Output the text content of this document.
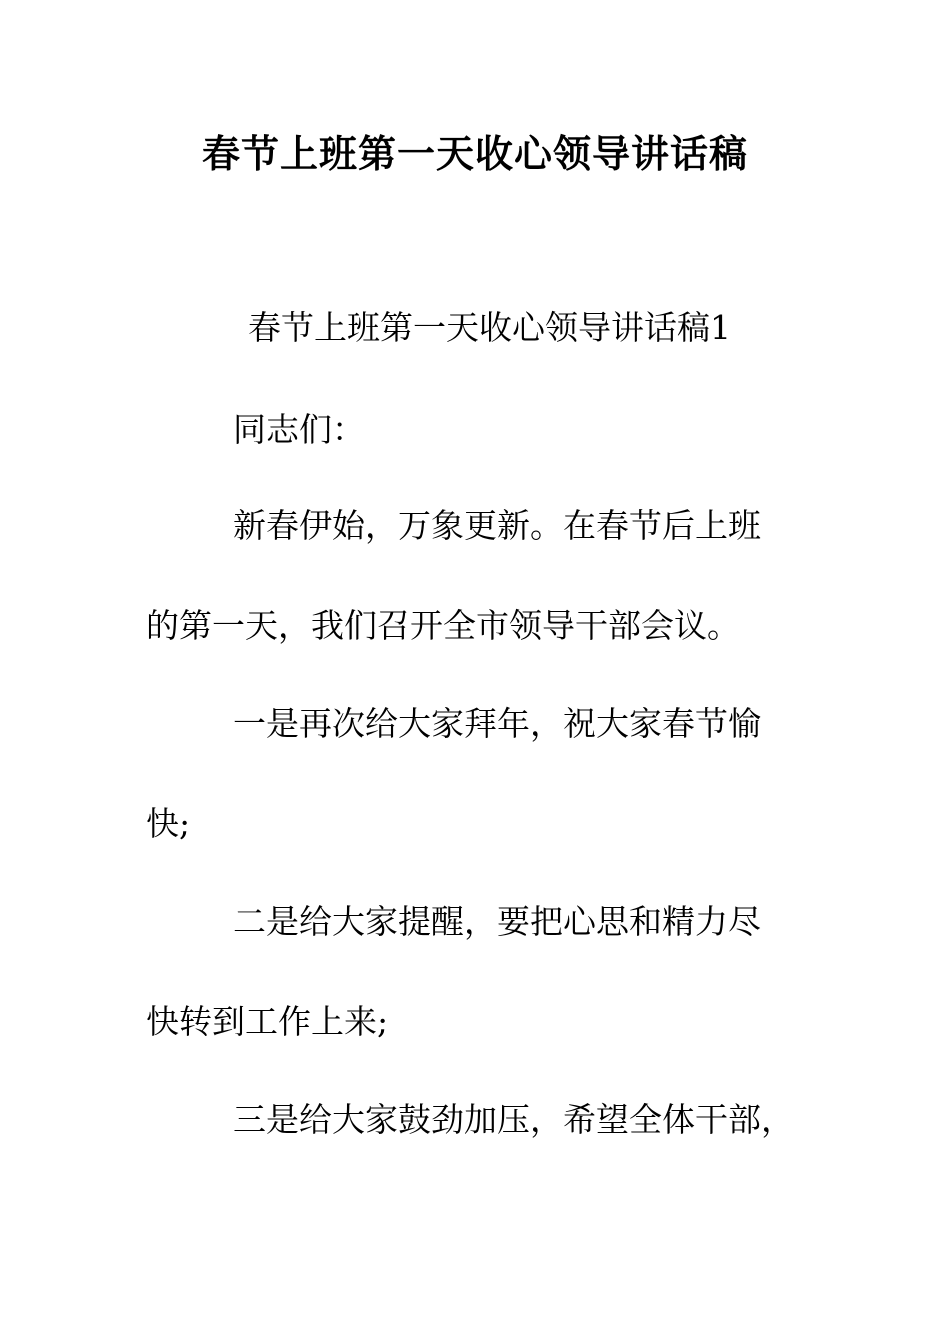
春节上班第一天收心领导讲话稿

春节上班第一天收心领导讲话稿1

同志们：

新春伊始，万象更新。在春节后上班

的第一天，我们召开全市领导干部会议。

一是再次给大家拜年，祝大家春节愉

快;

二是给大家提醒，要把心思和精力尽

快转到工作上来;

三是给大家鼓劲加压，希望全体干部，
